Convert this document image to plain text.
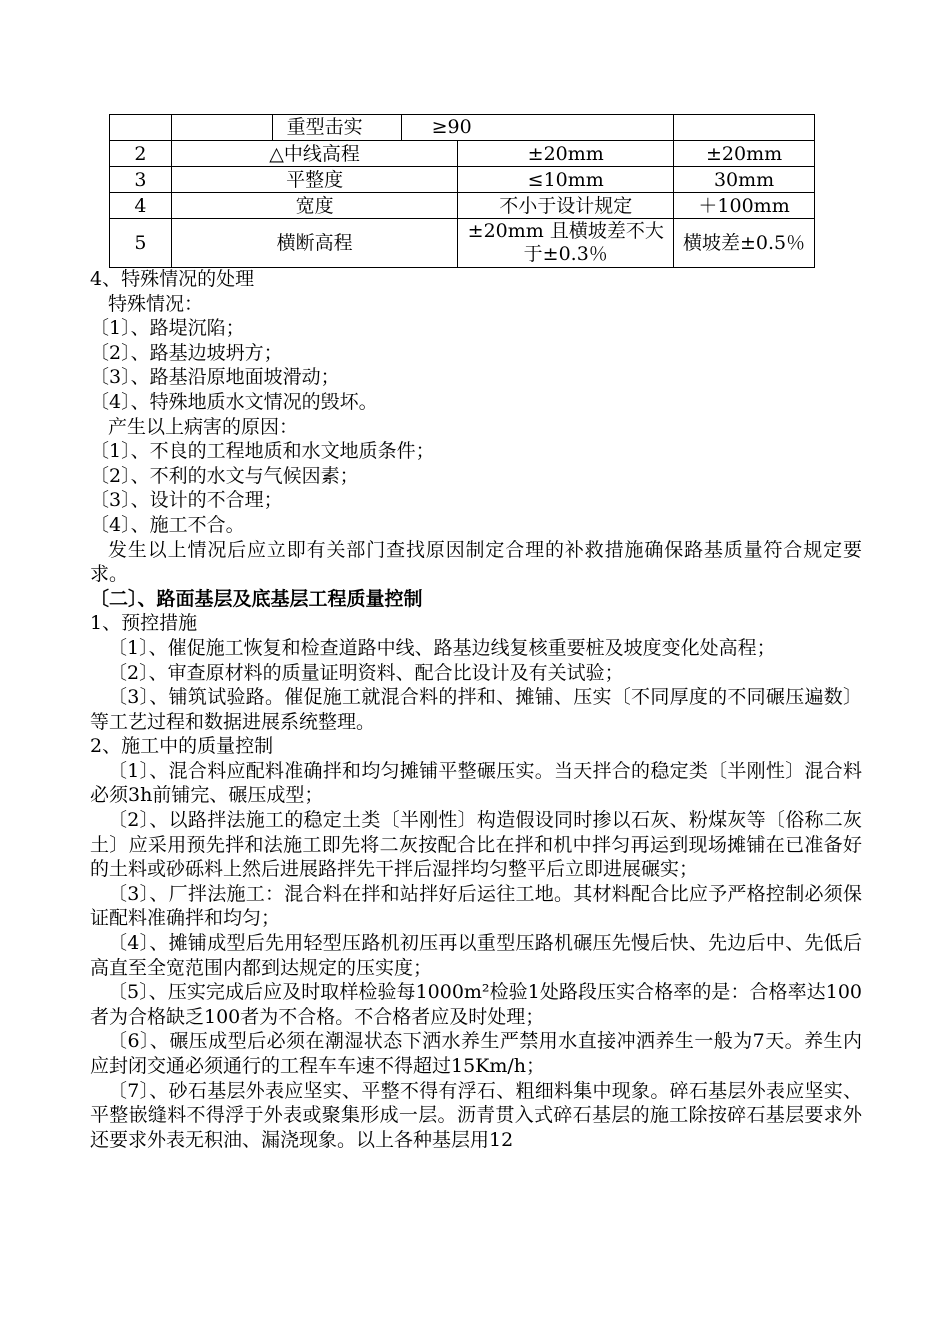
		重型击实 ≥90		

2	△中线高程		±20mm	±20mm
3	平整度		≤10mm	30mm
4	宽度		不小于设计规定	＋100mm
5	横断高程		±20mm 且横坡差不大于±0.3％	横坡差±0.5％

4、特殊情况的处理

特殊情况：

〔1〕、路堤沉陷；

〔2〕、路基边坡坍方；

〔3〕、路基沿原地面坡滑动；

〔4〕、特殊地质水文情况的毁坏。

产生以上病害的原因：

〔1〕、不良的工程地质和水文地质条件；

〔2〕、不利的水文与气候因素；

〔3〕、设计的不合理；

〔4〕、施工不合。

发生以上情况后应立即有关部门查找原因制定合理的补救措施确保路基质量符合规定要求。

〔二〕、路面基层及底基层工程质量控制

1、预控措施

〔1〕、催促施工恢复和检查道路中线、路基边线复核重要桩及坡度变化处高程；

〔2〕、审查原材料的质量证明资料、配合比设计及有关试验；

〔3〕、铺筑试验路。催促施工就混合料的拌和、摊铺、压实〔不同厚度的不同碾压遍数〕等工艺过程和数据进展系统整理。

2、施工中的质量控制

〔1〕、混合料应配料准确拌和均匀摊铺平整碾压实。当天拌合的稳定类〔半刚性〕混合料必须3h前铺完、碾压成型；

〔2〕、以路拌法施工的稳定土类〔半刚性〕构造假设同时掺以石灰、粉煤灰等〔俗称二灰土〕应采用预先拌和法施工即先将二灰按配合比在拌和机中拌匀再运到现场摊铺在已准备好的土料或砂砾料上然后进展路拌先干拌后湿拌均匀整平后立即进展碾实；

〔3〕、厂拌法施工：混合料在拌和站拌好后运往工地。其材料配合比应予严格控制必须保证配料准确拌和均匀；

〔4〕、摊铺成型后先用轻型压路机初压再以重型压路机碾压先慢后快、先边后中、先低后高直至全宽范围内都到达规定的压实度；

〔5〕、压实完成后应及时取样检验每1000m²检验1处路段压实合格率的是：合格率达100者为合格缺乏100者为不合格。不合格者应及时处理；

〔6〕、碾压成型后必须在潮湿状态下洒水养生严禁用水直接冲洒养生一般为7天。养生内应封闭交通必须通行的工程车车速不得超过15Km/h；

〔7〕、砂石基层外表应坚实、平整不得有浮石、粗细料集中现象。碎石基层外表应坚实、平整嵌缝料不得浮于外表或聚集形成一层。沥青贯入式碎石基层的施工除按碎石基层要求外还要求外表无积油、漏浇现象。以上各种基层用12
